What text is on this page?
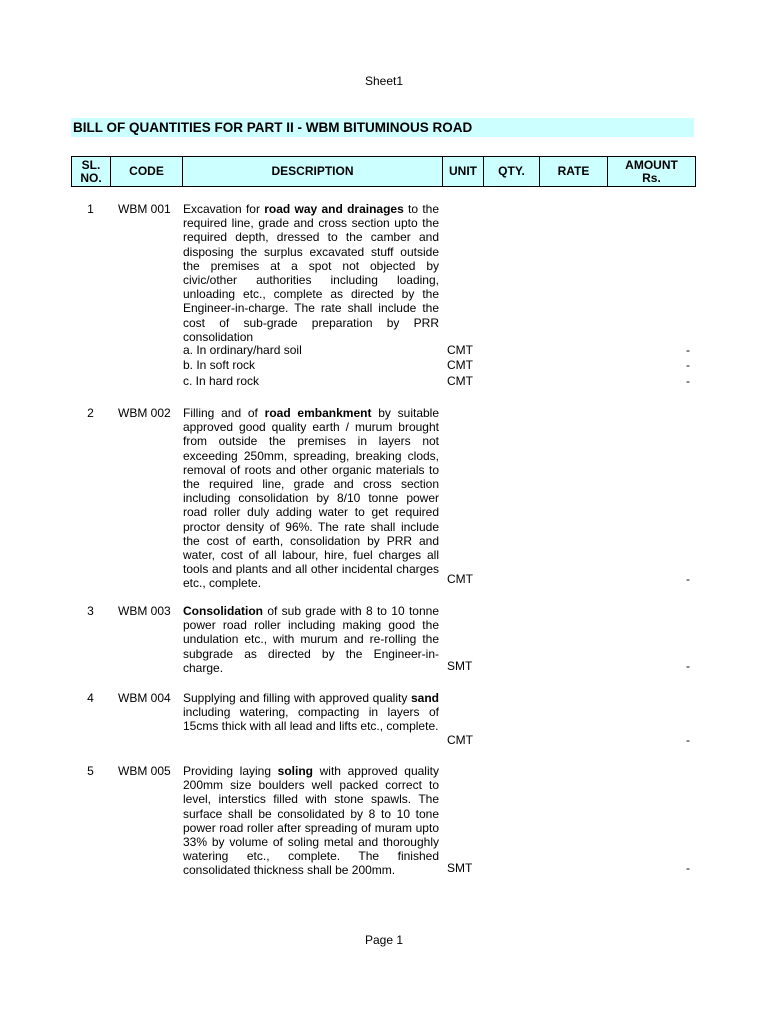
Sheet1
BILL OF QUANTITIES FOR PART II - WBM BITUMINOUS ROAD
SL.
NO.	CODE	DESCRIPTION	UNIT	QTY.	RATE	AMOUNT
Rs.
1	WBM 001 Excavation for road way and drainages to the required line, grade and cross section upto the required depth, dressed to the camber and disposing the surplus excavated stuff outside the premises at a spot not objected by civic/other authorities including loading, unloading etc., complete as directed by the Engineer-in-charge. The rate shall include the cost of sub-grade preparation by PRR consolidation
a. In ordinary/hard soil	CMT	-
b. In soft rock	CMT	-
c. In hard rock	CMT	-
2	WBM 002 Filling and of road embankment by suitable approved good quality earth / murum brought from outside the premises in layers not exceeding 250mm, spreading, breaking clods, removal of roots and other organic materials to the required line, grade and cross section including consolidation by 8/10 tonne power road roller duly adding water to get required proctor density of 96%. The rate shall include the cost of earth, consolidation by PRR and water, cost of all labour, hire, fuel charges all tools and plants and all other incidental charges etc., complete.	CMT	-
3	WBM 003 Consolidation of sub grade with 8 to 10 tonne power road roller including making good the undulation etc., with murum and re-rolling the subgrade as directed by the Engineer-in-charge.	SMT	-
4	WBM 004 Supplying and filling with approved quality sand including watering, compacting in layers of 15cms thick with all lead and lifts etc., complete.
CMT	-
5	WBM 005 Providing laying soling with approved quality 200mm size boulders well packed correct to level, interstics filled with stone spawls. The surface shall be consolidated by 8 to 10 tone power road roller after spreading of muram upto 33% by volume of soling metal and thoroughly watering etc., complete. The finished consolidated thickness shall be 200mm.	SMT	-
Page 1
